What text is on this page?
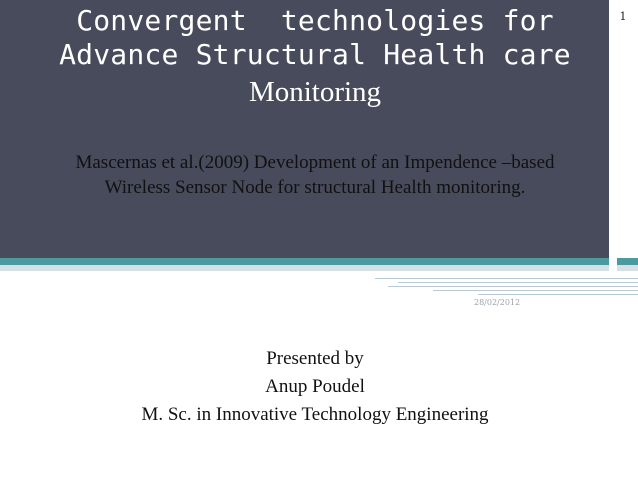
Convergent  technologies for
Advance Structural Health care
Monitoring
Mascernas et al.(2009) Development of an Impendence –based
Wireless Sensor Node for structural Health monitoring.
1
28/02/2012
Presented by
Anup Poudel
M. Sc. in Innovative Technology Engineering
